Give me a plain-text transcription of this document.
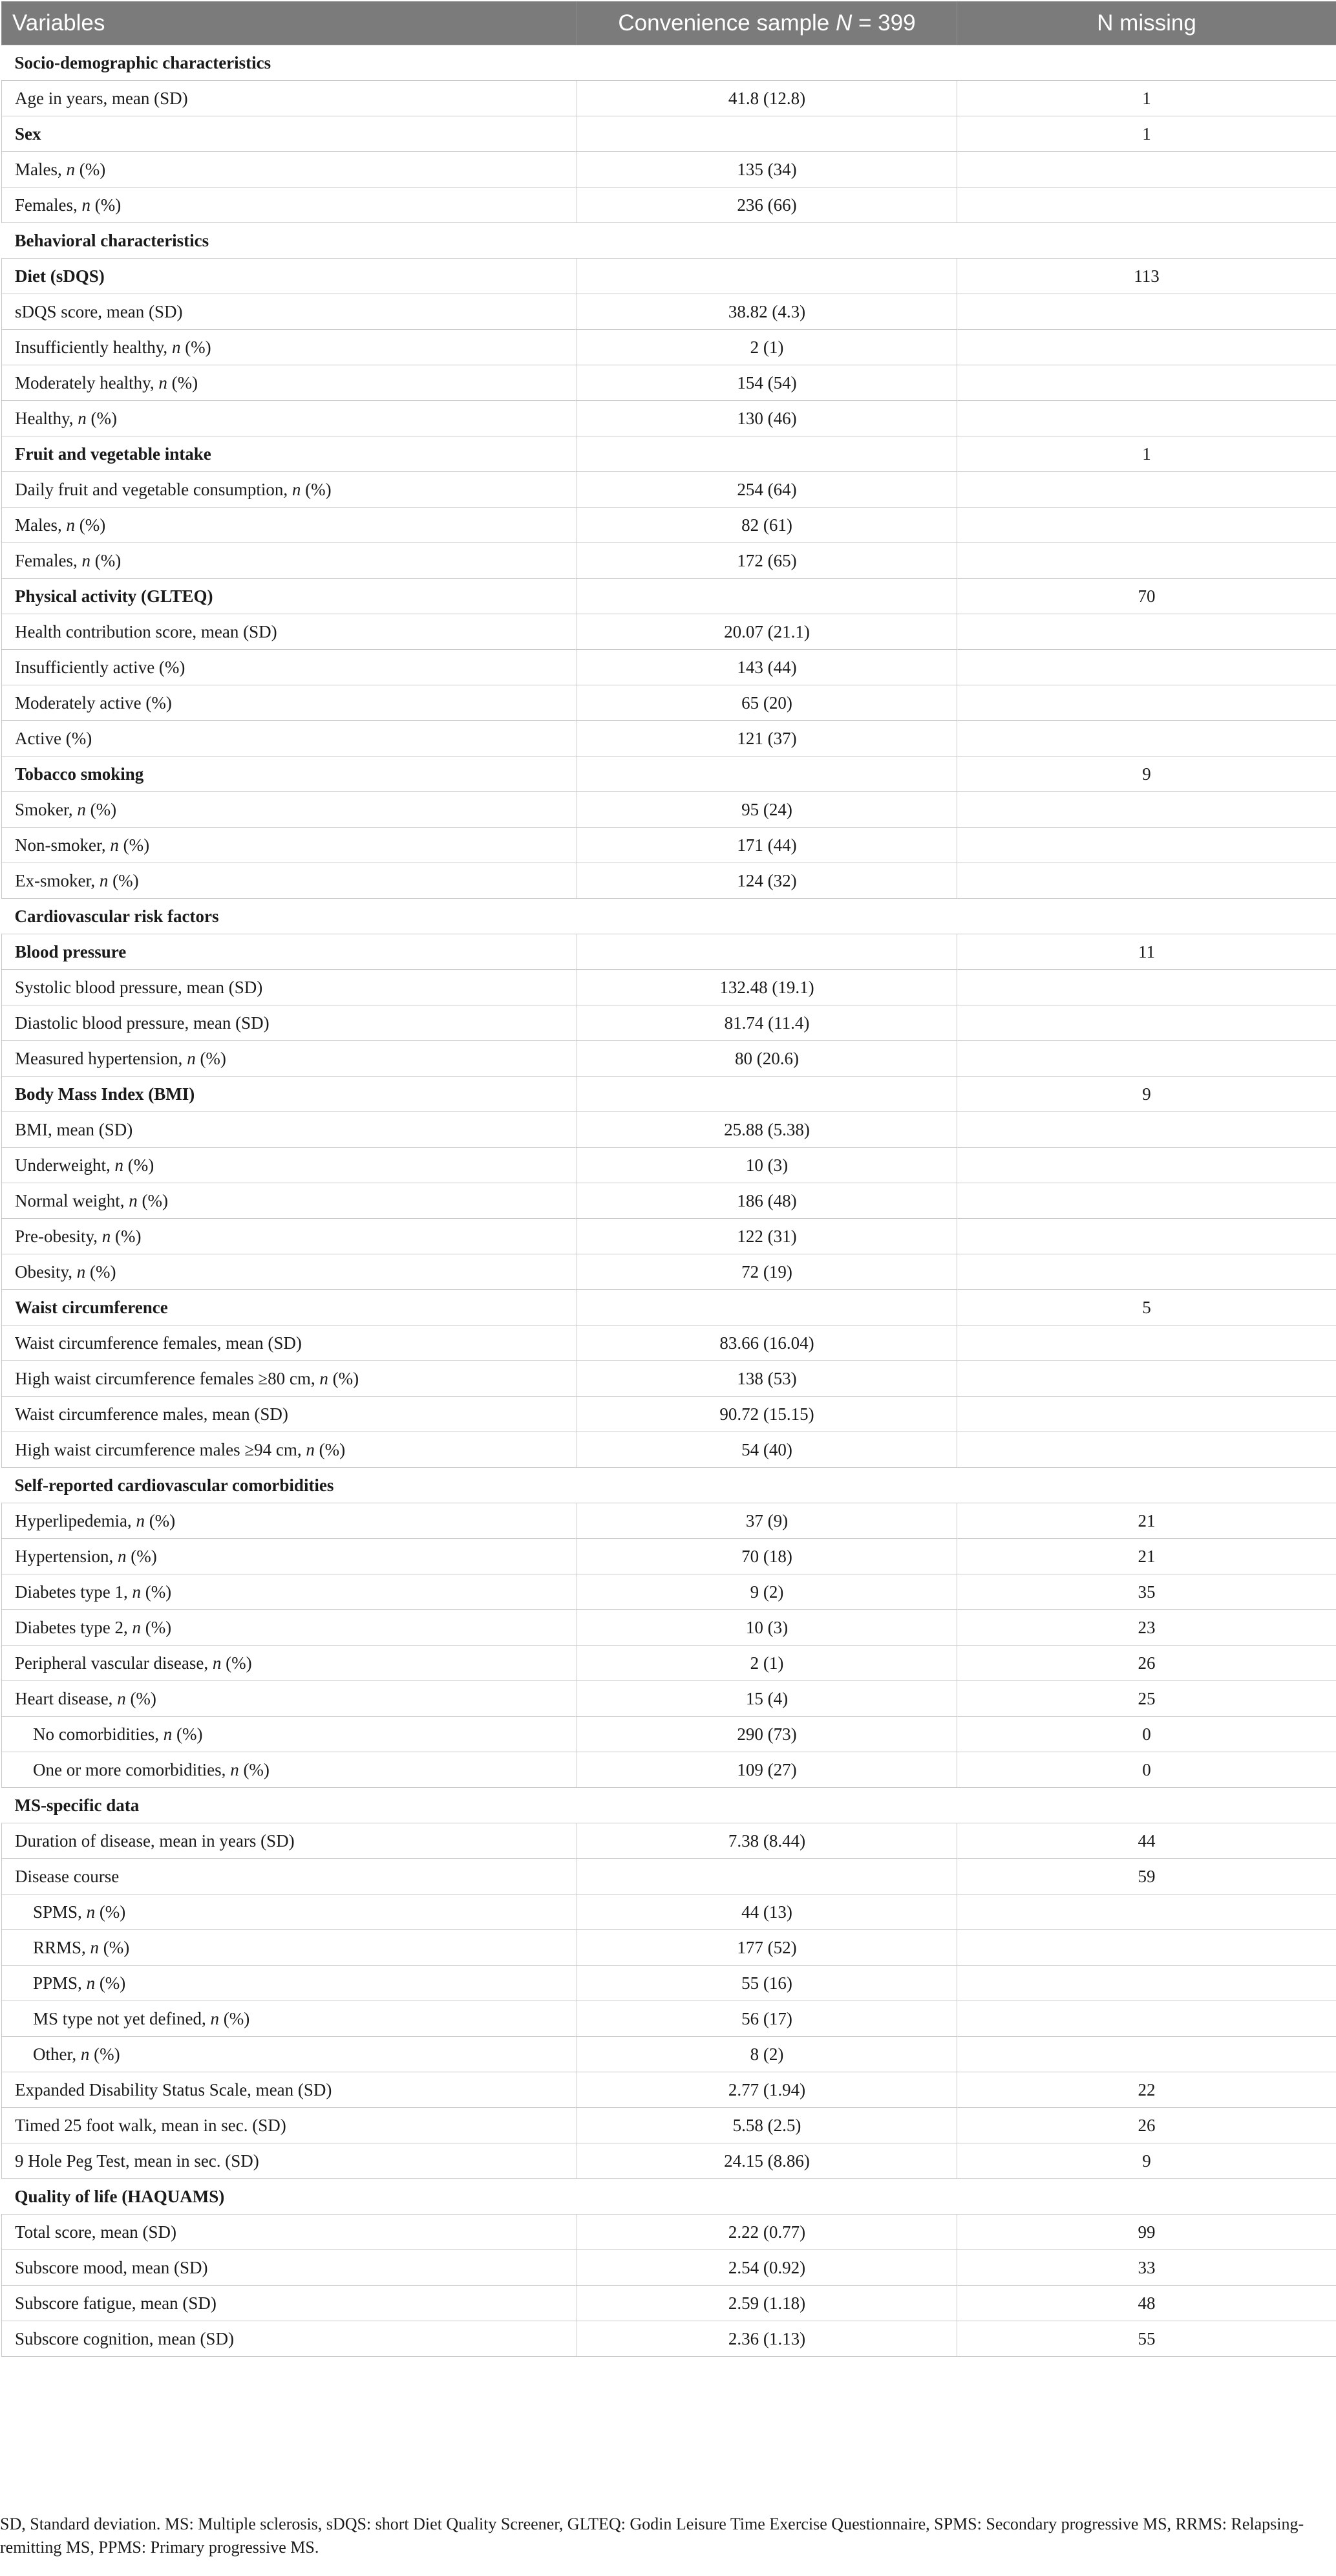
Variables	Convenience sample N = 399	N missing
Socio-demographic characteristics		
Age in years, mean (SD)	41.8 (12.8)	1
Sex		1
Males, n (%)	135 (34)	
Females, n (%)	236 (66)	
Behavioral characteristics		
Diet (sDQS)		113
sDQS score, mean (SD)	38.82 (4.3)	
Insufficiently healthy, n (%)	2 (1)	
Moderately healthy, n (%)	154 (54)	
Healthy, n (%)	130 (46)	
Fruit and vegetable intake		1
Daily fruit and vegetable consumption, n (%)	254 (64)	
Males, n (%)	82 (61)	
Females, n (%)	172 (65)	
Physical activity (GLTEQ)		70
Health contribution score, mean (SD)	20.07 (21.1)	
Insufficiently active (%)	143 (44)	
Moderately active (%)	65 (20)	
Active (%)	121 (37)	
Tobacco smoking		9
Smoker, n (%)	95 (24)	
Non-smoker, n (%)	171 (44)	
Ex-smoker, n (%)	124 (32)	
Cardiovascular risk factors		
Blood pressure		11
Systolic blood pressure, mean (SD)	132.48 (19.1)	
Diastolic blood pressure, mean (SD)	81.74 (11.4)	
Measured hypertension, n (%)	80 (20.6)	
Body Mass Index (BMI)		9
BMI, mean (SD)	25.88 (5.38)	
Underweight, n (%)	10 (3)	
Normal weight, n (%)	186 (48)	
Pre-obesity, n (%)	122 (31)	
Obesity, n (%)	72 (19)	
Waist circumference		5
Waist circumference females, mean (SD)	83.66 (16.04)	
High waist circumference females ≥80 cm, n (%)	138 (53)	
Waist circumference males, mean (SD)	90.72 (15.15)	
High waist circumference males ≥94 cm, n (%)	54 (40)	
Self-reported cardiovascular comorbidities		
Hyperlipedemia, n (%)	37 (9)	21
Hypertension, n (%)	70 (18)	21
Diabetes type 1, n (%)	9 (2)	35
Diabetes type 2, n (%)	10 (3)	23
Peripheral vascular disease, n (%)	2 (1)	26
Heart disease, n (%)	15 (4)	25
No comorbidities, n (%)	290 (73)	0
One or more comorbidities, n (%)	109 (27)	0
MS-specific data		
Duration of disease, mean in years (SD)	7.38 (8.44)	44
Disease course		59
SPMS, n (%)	44 (13)	
RRMS, n (%)	177 (52)	
PPMS, n (%)	55 (16)	
MS type not yet defined, n (%)	56 (17)	
Other, n (%)	8 (2)	
Expanded Disability Status Scale, mean (SD)	2.77 (1.94)	22
Timed 25 foot walk, mean in sec. (SD)	5.58 (2.5)	26
9 Hole Peg Test, mean in sec. (SD)	24.15 (8.86)	9
Quality of life (HAQUAMS)		
Total score, mean (SD)	2.22 (0.77)	99
Subscore mood, mean (SD)	2.54 (0.92)	33
Subscore fatigue, mean (SD)	2.59 (1.18)	48
Subscore cognition, mean (SD)	2.36 (1.13)	55
SD, Standard deviation. MS: Multiple sclerosis, sDQS: short Diet Quality Screener, GLTEQ: Godin Leisure Time Exercise Questionnaire, SPMS: Secondary progressive MS, RRMS: Relapsing-remitting MS, PPMS: Primary progressive MS.
